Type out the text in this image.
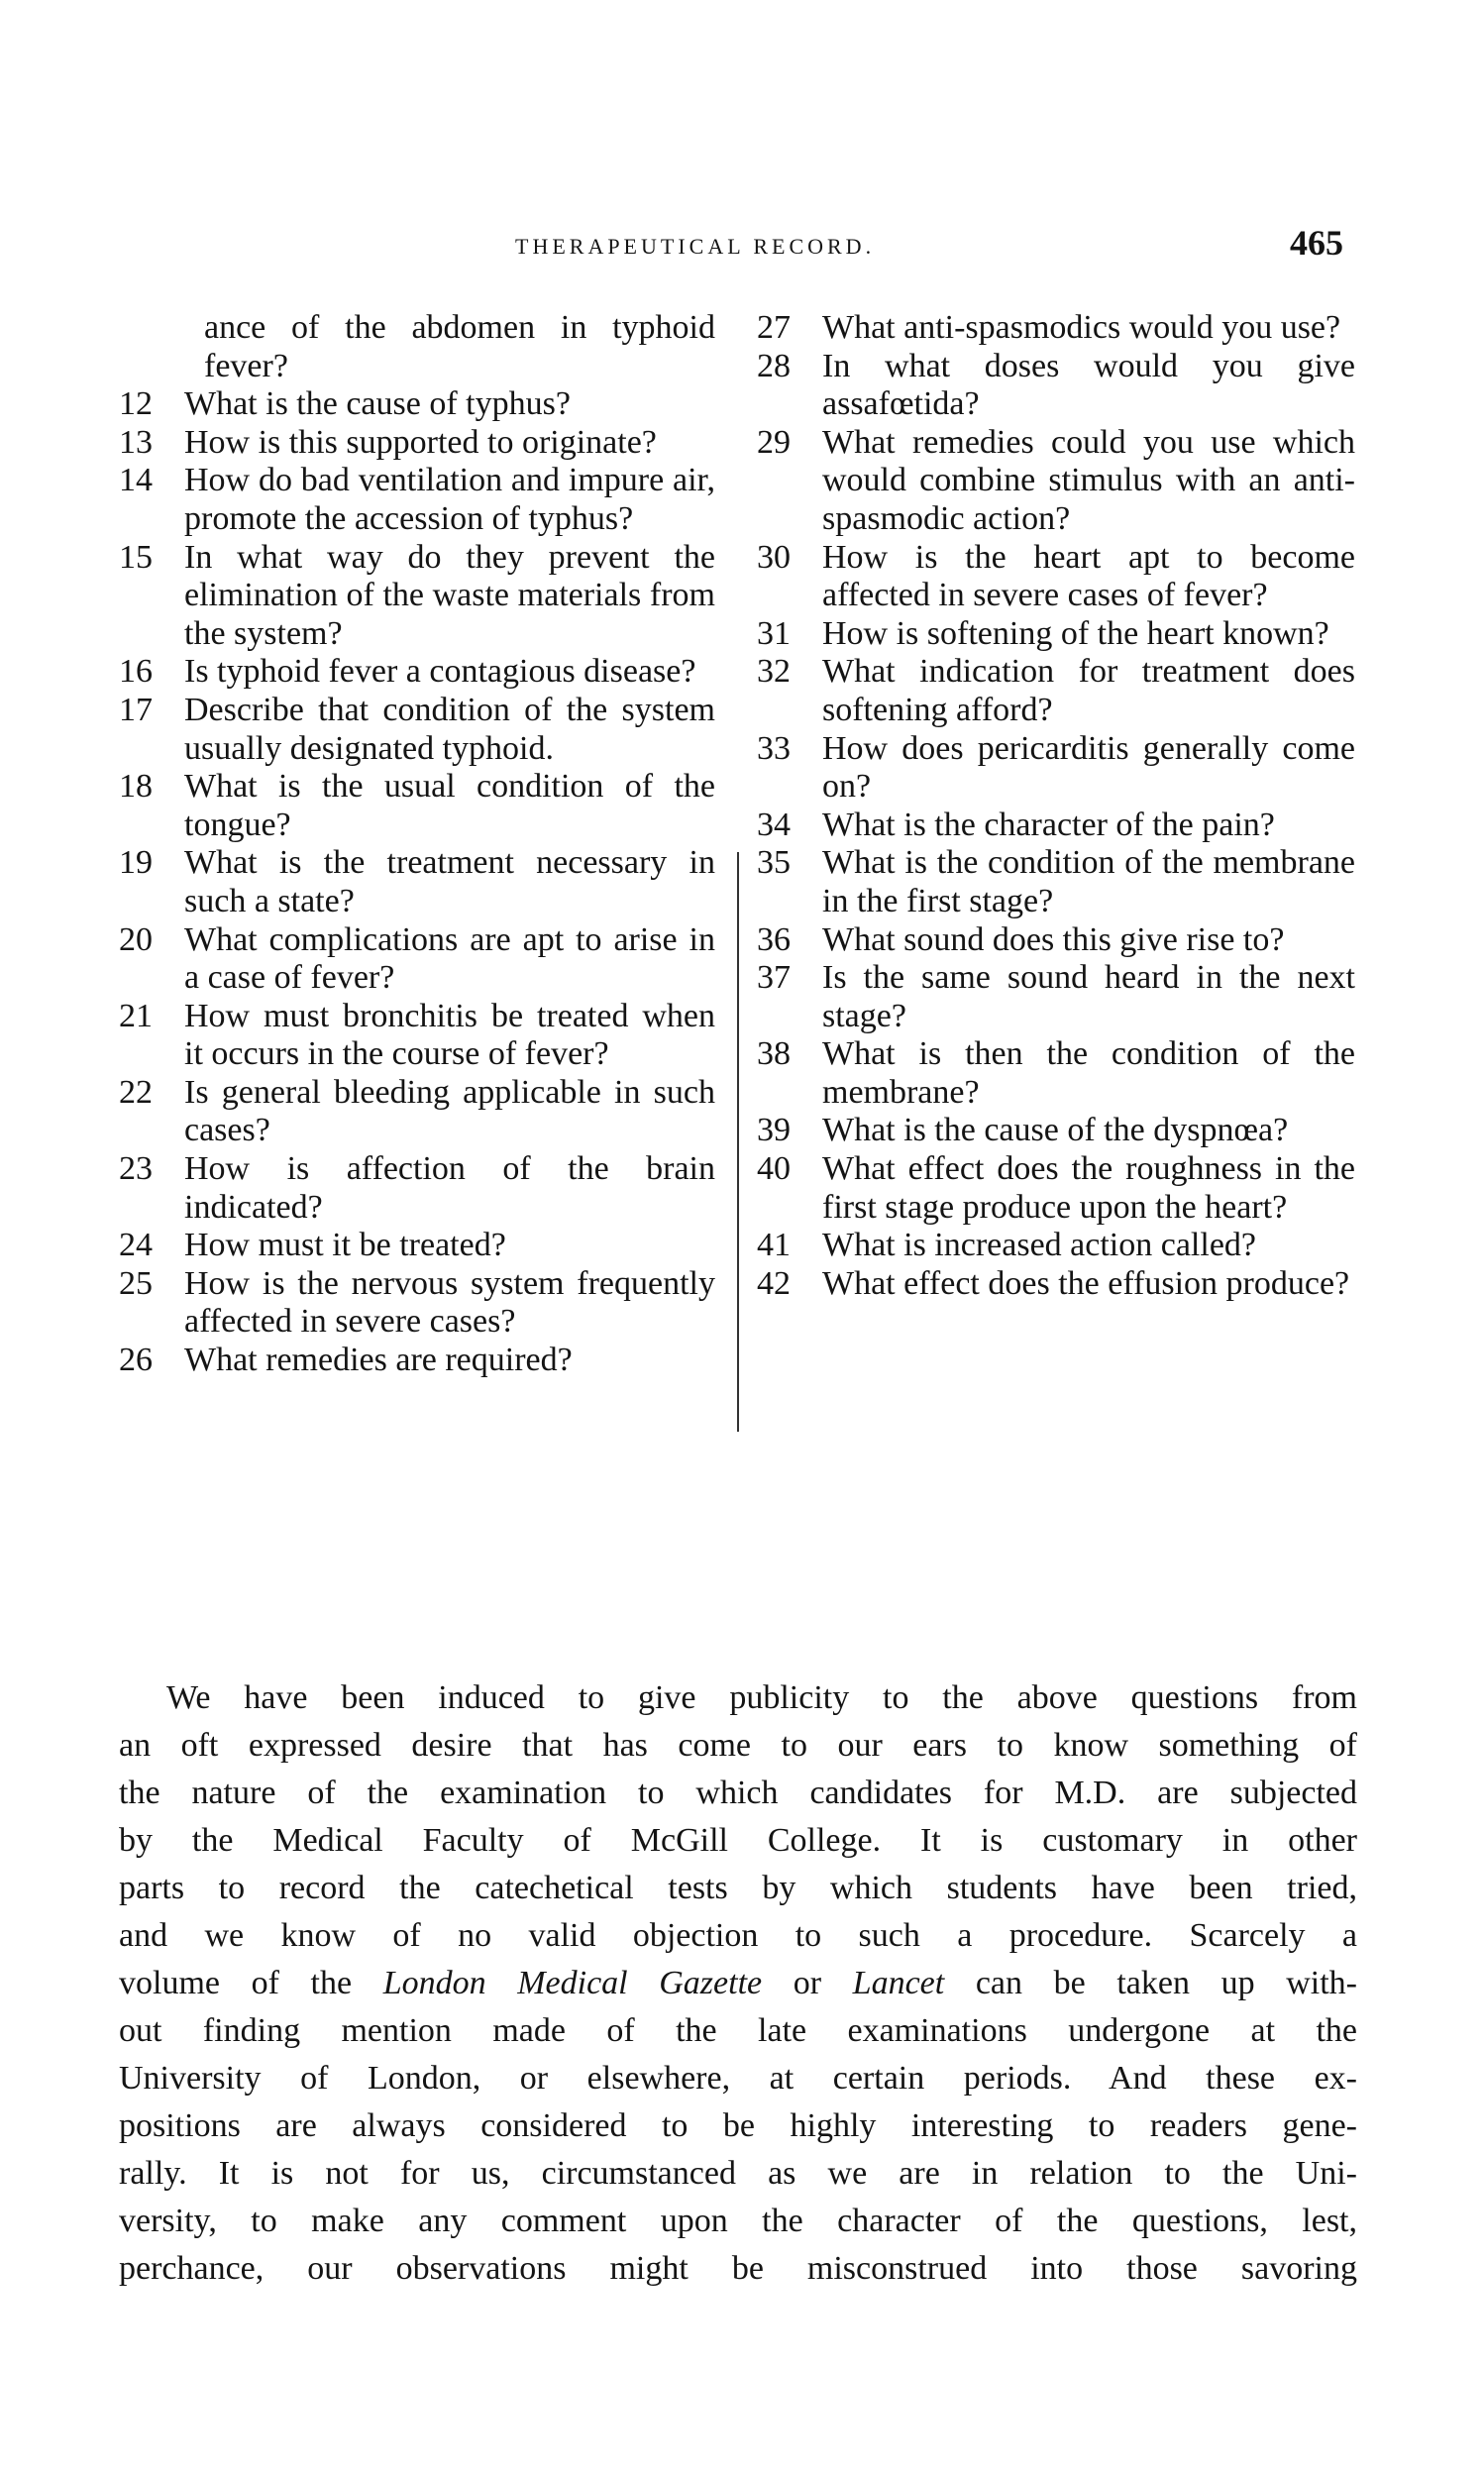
THERAPEUTICAL RECORD.	465
ance of the abdomen in typhoid fever?
12 What is the cause of typhus?
13 How is this supported to originate?
14 How do bad ventilation and impure air, promote the accession of typhus?
15 In what way do they prevent the elimination of the waste materials from the system?
16 Is typhoid fever a contagious disease?
17 Describe that condition of the system usually designated typhoid.
18 What is the usual condition of the tongue?
19 What is the treatment necessary in such a state?
20 What complications are apt to arise in a case of fever?
21 How must bronchitis be treated when it occurs in the course of fever?
22 Is general bleeding applicable in such cases?
23 How is affection of the brain indicated?
24 How must it be treated?
25 How is the nervous system frequently affected in severe cases?
26 What remedies are required?
27 What anti-spasmodics would you use?
28 In what doses would you give assafœtida?
29 What remedies could you use which would combine stimulus with an anti-spasmodic action?
30 How is the heart apt to become affected in severe cases of fever?
31 How is softening of the heart known?
32 What indication for treatment does softening afford?
33 How does pericarditis generally come on?
34 What is the character of the pain?
35 What is the condition of the membrane in the first stage?
36 What sound does this give rise to?
37 Is the same sound heard in the next stage?
38 What is then the condition of the membrane?
39 What is the cause of the dyspnœa?
40 What effect does the roughness in the first stage produce upon the heart?
41 What is increased action called?
42 What effect does the effusion produce?
We have been induced to give publicity to the above questions from
an oft expressed desire that has come to our ears to know something of
the nature of the examination to which candidates for M.D. are subjected
by the Medical Faculty of McGill College. It is customary in other
parts to record the catechetical tests by which students have been tried,
and we know of no valid objection to such a procedure. Scarcely a
volume of the London Medical Gazette or Lancet can be taken up with-
out finding mention made of the late examinations undergone at the
University of London, or elsewhere, at certain periods. And these ex-
positions are always considered to be highly interesting to readers gene-
rally. It is not for us, circumstanced as we are in relation to the Uni-
versity, to make any comment upon the character of the questions, lest,
perchance, our observations might be misconstrued into those savoring
